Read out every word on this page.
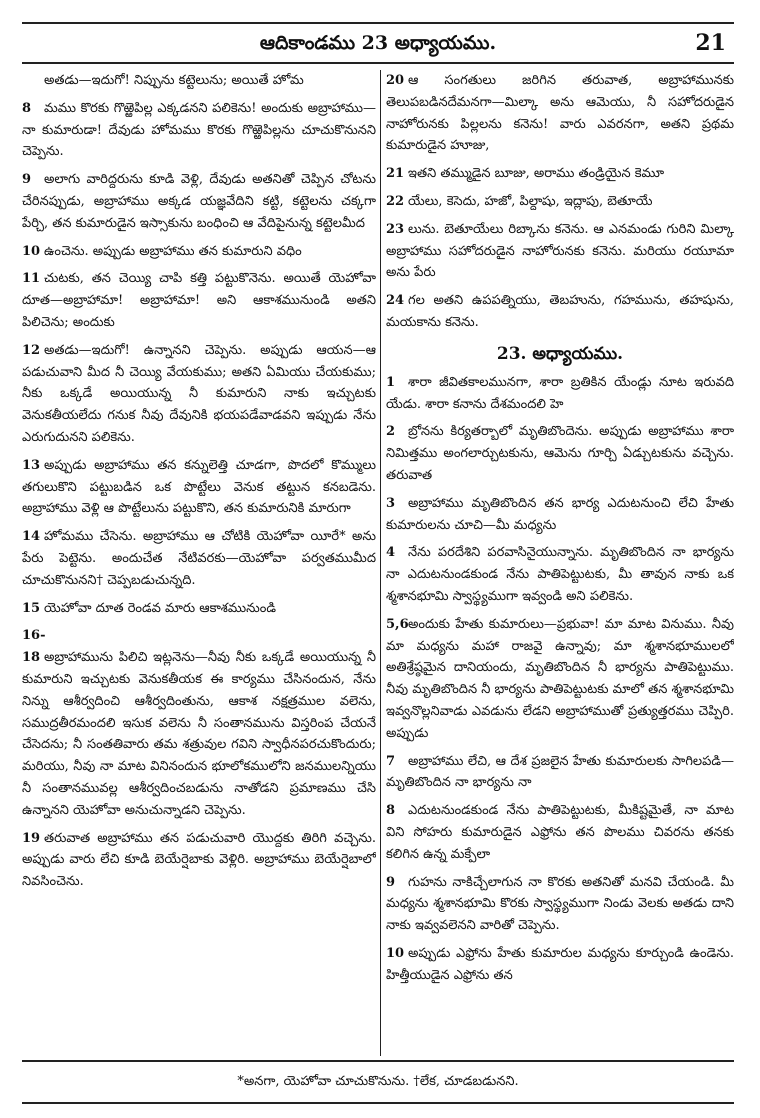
ఆదికాండము 23 అధ్యాయము.	21
అతడు—ఇదుగో! నిప్పును కట్టెలును; అయితే హోమ
8 మము కొరకు గొఱ్ఱెపిల్ల ఎక్కడనని పలికెను! అందుకు అబ్రాహాము—నా కుమారుడా! దేవుడు హోమము కొరకు గొఱ్ఱెపిల్లను చూచుకొనునని చెప్పెను.
9 అలాగు వారిద్దరును కూడి వెళ్లి, దేవుడు అతనితో చెప్పిన చోటను చేరినప్పుడు, అబ్రాహాము అక్కడ యజ్ఞవేదిని కట్టి, కట్టెలను చక్కగా పేర్చి, తన కుమారుడైన ఇస్సాకును బంధించి ఆ వేదిపైనున్న కట్టెలమీద
10 ఉంచెను. అప్పుడు అబ్రాహాము తన కుమారుని వధిం
11 చుటకు, తన చెయ్యి చాపి కత్తి పట్టుకొనెను. అయితే యెహోవా దూత—అబ్రాహామా! అబ్రాహామా! అని ఆకాశమునుండి అతని పిలిచెను; అందుకు
12 అతడు—ఇదుగో! ఉన్నానని చెప్పెను. అప్పుడు ఆయన—ఆ పడుచువాని మీద నీ చెయ్యి వేయకుము; అతని ఏమియు చేయకుము; నీకు ఒక్కడే అయియున్న నీ కుమారుని నాకు ఇచ్చుటకు వెనుకతీయలేదు గనుక నీవు దేవునికి భయపడేవాడవని ఇప్పుడు నేను ఎరుగుదునని పలికెను.
13 అప్పుడు అబ్రాహాము తన కన్నులెత్తి చూడగా, పొదలో కొమ్ములు తగులుకొని పట్టుబడిన ఒక పొట్టేలు వెనుక తట్టున కనబడెను. అబ్రాహాము వెళ్లి ఆ పొట్టేలును పట్టుకొని, తన కుమారునికి మారుగా
14 హోమము చేసెను. అబ్రాహాము ఆ చోటికి యెహోవా యీరే* అను పేరు పెట్టెను. అందుచేత నేటివరకు—యెహోవా పర్వతముమీద చూచుకొనునని† చెప్పబడుచున్నది.
15 యెహోవా దూత రెండవ మారు ఆకాశమునుండి
16-18 అబ్రాహామును పిలిచి ఇట్లనెను—నీవు నీకు ఒక్కడే అయియున్న నీ కుమారుని ఇచ్చుటకు వెనుకతీయక ఈ కార్యము చేసినందున, నేను నిన్ను ఆశీర్వదించి ఆశీర్వదింతును, ఆకాశ నక్షత్రముల వలెను, సముద్రతీరమందలి ఇసుక వలెను నీ సంతానమును విస్తరింప చేయనే చేసెదను; నీ సంతతివారు తమ శత్రువుల గవిని స్వాధీనపరచుకొందురు; మరియు, నీవు నా మాట వినినందున భూలోకములోని జనములన్నియు నీ సంతానమువల్ల ఆశీర్వదించబడును నాతోడని ప్రమాణము చేసి ఉన్నానని యెహోవా అనుచున్నాడని చెప్పెను.
19 తరువాత అబ్రాహాము తన పడుచువారి యొద్దకు తిరిగి వచ్చెను. అప్పుడు వారు లేచి కూడి బెయేర్షెబాకు వెళ్లిరి. అబ్రాహాము బెయేర్షెబాలో నివసించెను.
20 ఆ సంగతులు జరిగిన తరువాత, అబ్రాహామునకు తెలుపబడినదేమనగా—మిల్కా అను ఆమెయు, నీ సహోదరుడైన నాహోరునకు పిల్లలను కనెను! వారు ఎవరనగా, అతని ప్రథమ కుమారుడైన హూజు,
21 ఇతని తమ్ముడైన బూజు, అరాము తండ్రియైన కెమూ
22 యేలు, కెసెదు, హజో, పిల్దాషు, ఇద్లాపు, బెతూయే
23 లును. బెతూయేలు రిబ్కాను కనెను. ఆ ఎనమండు గురిని మిల్కా అబ్రాహాము సహోదరుడైన నాహోరునకు కనెను. మరియు రయూమా అను పేరు
24 గల అతని ఉపపత్నియు, తెబహును, గహమును, తహషును, మయకాను కనెను.
23. అధ్యాయము.
1 శారా జీవితకాలమునగా, శారా బ్రతికిన యేండ్లు నూట ఇరువది యేడు. శారా కనాను దేశమందలి హె
2 బ్రోనను కిర్యతర్బాలో మృతిబొందెను. అప్పుడు అబ్రాహాము శారా నిమిత్తము అంగలార్చుటకును, ఆమెను గూర్చి ఏడ్చుటకును వచ్చెను. తరువాత
3 అబ్రాహాము మృతిబొందిన తన భార్య ఎదుటనుంచి లేచి హేతు కుమారులను చూచి—మీ మధ్యను
4 నేను పరదేశిని పరవాసినైయున్నాను. మృతిబొందిన నా భార్యను నా ఎదుటనుండకుండ నేను పాతిపెట్టుటకు, మీ తావున నాకు ఒక శ్మశానభూమి స్వాస్థ్యముగా ఇవ్వండి అని పలికెను.
5,6అందుకు హేతు కుమారులు—ప్రభువా! మా మాట వినుము. నీవు మా మధ్యను మహా రాజవై ఉన్నావు; మా శ్మశానభూములలో అతిశ్రేష్ఠమైన దానియందు, మృతిబొందిన నీ భార్యను పాతిపెట్టుము. నీవు మృతిబొందిన నీ భార్యను పాతిపెట్టుటకు మాలో తన శ్మశానభూమి ఇవ్వనొల్లనివాడు ఎవడును లేడని అబ్రాహాముతో ప్రత్యుత్తరము చెప్పిరి. అప్పుడు
7 అబ్రాహాము లేచి, ఆ దేశ ప్రజలైన హేతు కుమారులకు సాగిలపడి—మృతిబొందిన నా భార్యను నా
8 ఎదుటనుండకుండ నేను పాతిపెట్టుటకు, మీకిష్టమైతే, నా మాట విని సోహరు కుమారుడైన ఎఫ్రోను తన పొలము చివరను తనకు కలిగిన ఉన్న మక్పేలా
9 గుహను నాకిచ్చేలాగున నా కొరకు అతనితో మనవి చేయండి. మీ మధ్యను శ్మశానభూమి కొరకు స్వాస్థ్యముగా నిండు వెలకు అతడు దాని నాకు ఇవ్వవలెనని వారితో చెప్పెను.
10 అప్పుడు ఎఫ్రోను హేతు కుమారుల మధ్యను కూర్చుండి ఉండెను. హిత్తీయుడైన ఎఫ్రోను తన
*అనగా, యెహోవా చూచుకొనును. †లేక, చూడబడునని.
